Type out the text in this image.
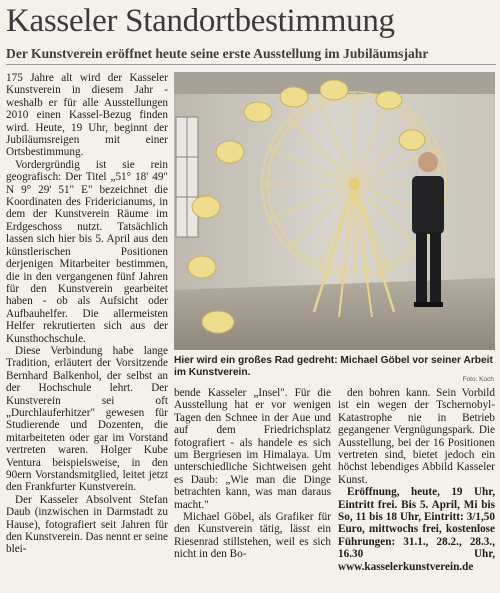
Kasseler Standortbestimmung
Der Kunstverein eröffnet heute seine erste Ausstellung im Jubiläumsjahr

175 Jahre alt wird der Kasseler Kunstverein in diesem Jahr - weshalb er für alle Ausstellungen 2010 einen Kassel-Bezug finden wird. Heute, 19 Uhr, beginnt der Jubiläumsreigen mit einer Ortsbestimmung.

Vordergründig ist sie rein geografisch: Der Titel „51° 18' 49" N 9° 29' 51" E" bezeichnet die Koordinaten des Fridericianums, in dem der Kunstverein Räume im Erdgeschoss nutzt. Tatsächlich lassen sich hier bis 5. April aus den künstlerischen Positionen derjenigen Mitarbeiter bestimmen, die in den vergangenen fünf Jahren für den Kunstverein gearbeitet haben - ob als Aufsicht oder Aufbauhelfer. Die allermeisten Helfer rekrutierten sich aus der Kunsthochschule.

Diese Verbindung habe lange Tradition, erläutert der Vorsitzende Bernhard Balkenhol, der selbst an der Hochschule lehrt. Der Kunstverein sei oft „Durchlauferhitzer" gewesen für Studierende und Dozenten, die mitarbeiteten oder gar im Vorstand vertreten waren. Holger Kube Ventura beispielsweise, in den 90ern Vorstandsmitglied, leitet jetzt den Frankfurter Kunstverein.

Der Kasseler Absolvent Stefan Daub (inzwischen in Darmstadt zu Hause), fotografiert seit Jahren für den Kunstverein. Das nennt er seine blei-

Hier wird ein großes Rad gedreht: Michael Göbel vor seiner Arbeit im Kunstverein.
Foto: Koch

bende Kasseler „Insel". Für die Ausstellung hat er vor wenigen Tagen den Schnee in der Aue und auf dem Friedrichsplatz fotografiert - als handele es sich um Bergriesen im Himalaya. Um unterschiedliche Sichtweisen geht es Daub: „Wie man die Dinge betrachten kann, was man daraus macht."

Michael Göbel, als Grafiker für den Kunstverein tätig, lässt ein Riesenrad stillstehen, weil es sich nicht in den Bo-

den bohren kann. Sein Vorbild ist ein wegen der Tschernobyl-Katastrophe nie in Betrieb gegangener Vergnügungspark. Die Ausstellung, bei der 16 Positionen vertreten sind, bietet jedoch ein höchst lebendiges Abbild Kasseler Kunst.

Eröffnung, heute, 19 Uhr, Eintritt frei. Bis 5. April, Mi bis So, 11 bis 18 Uhr, Eintritt: 3/1,50 Euro, mittwochs frei, kostenlose Führungen: 31.1., 28.2., 28.3., 16.30 Uhr, www.kasselerkunstverein.de
